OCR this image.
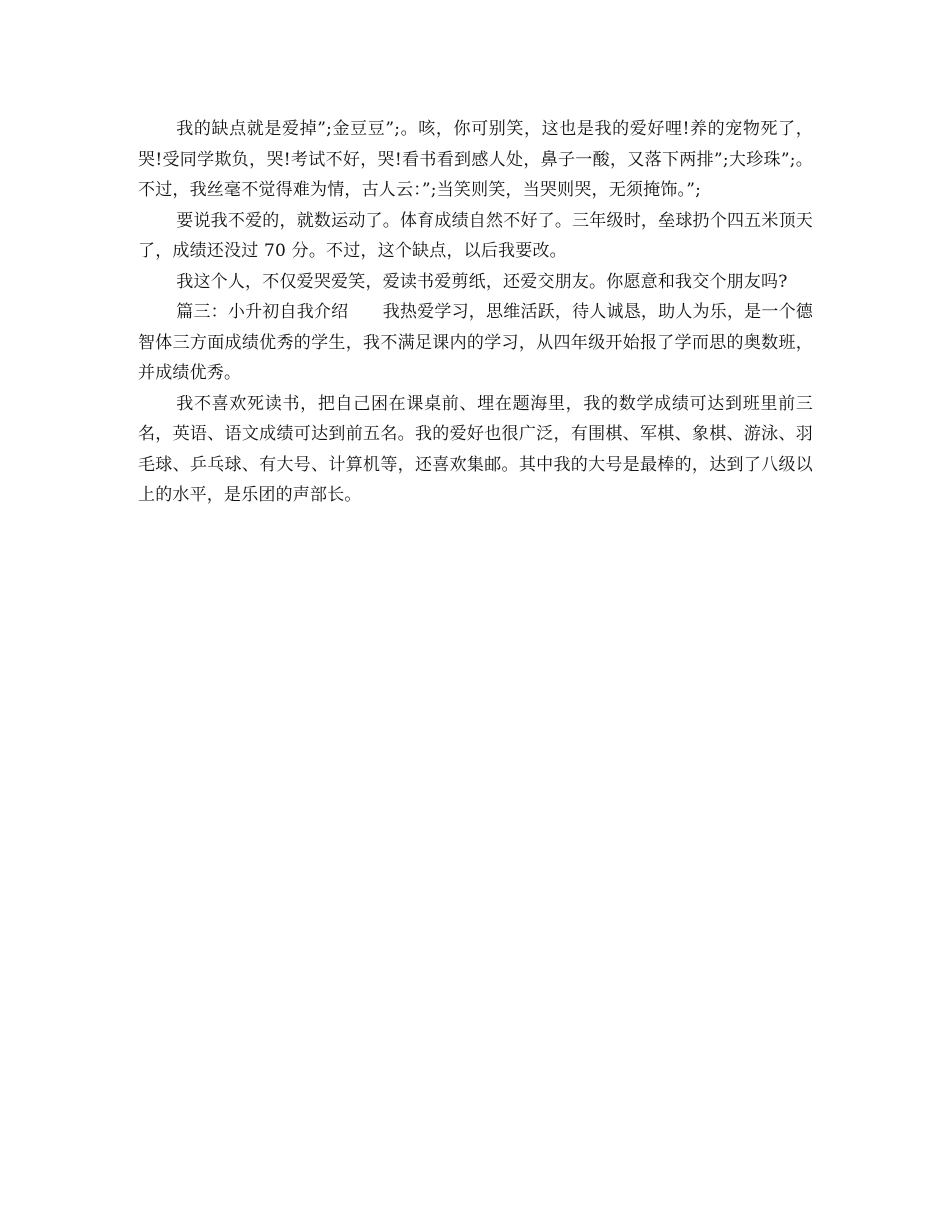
我的缺点就是爱掉”;金豆豆”;。咳，你可别笑，这也是我的爱好哩!养的宠物死了，哭!受同学欺负，哭!考试不好，哭!看书看到感人处，鼻子一酸，又落下两排”;大珍珠”;。不过，我丝毫不觉得难为情，古人云：”;当笑则笑，当哭则哭，无须掩饰。”;

要说我不爱的，就数运动了。体育成绩自然不好了。三年级时，垒球扔个四五米顶天了，成绩还没过 70 分。不过，这个缺点，以后我要改。

我这个人，不仅爱哭爱笑，爱读书爱剪纸，还爱交朋友。你愿意和我交个朋友吗?

篇三：小升初自我介绍　　我热爱学习，思维活跃，待人诚恳，助人为乐，是一个德智体三方面成绩优秀的学生，我不满足课内的学习，从四年级开始报了学而思的奥数班，并成绩优秀。

我不喜欢死读书，把自己困在课桌前、埋在题海里，我的数学成绩可达到班里前三名，英语、语文成绩可达到前五名。我的爱好也很广泛，有围棋、军棋、象棋、游泳、羽毛球、乒乓球、有大号、计算机等，还喜欢集邮。其中我的大号是最棒的，达到了八级以上的水平，是乐团的声部长。
